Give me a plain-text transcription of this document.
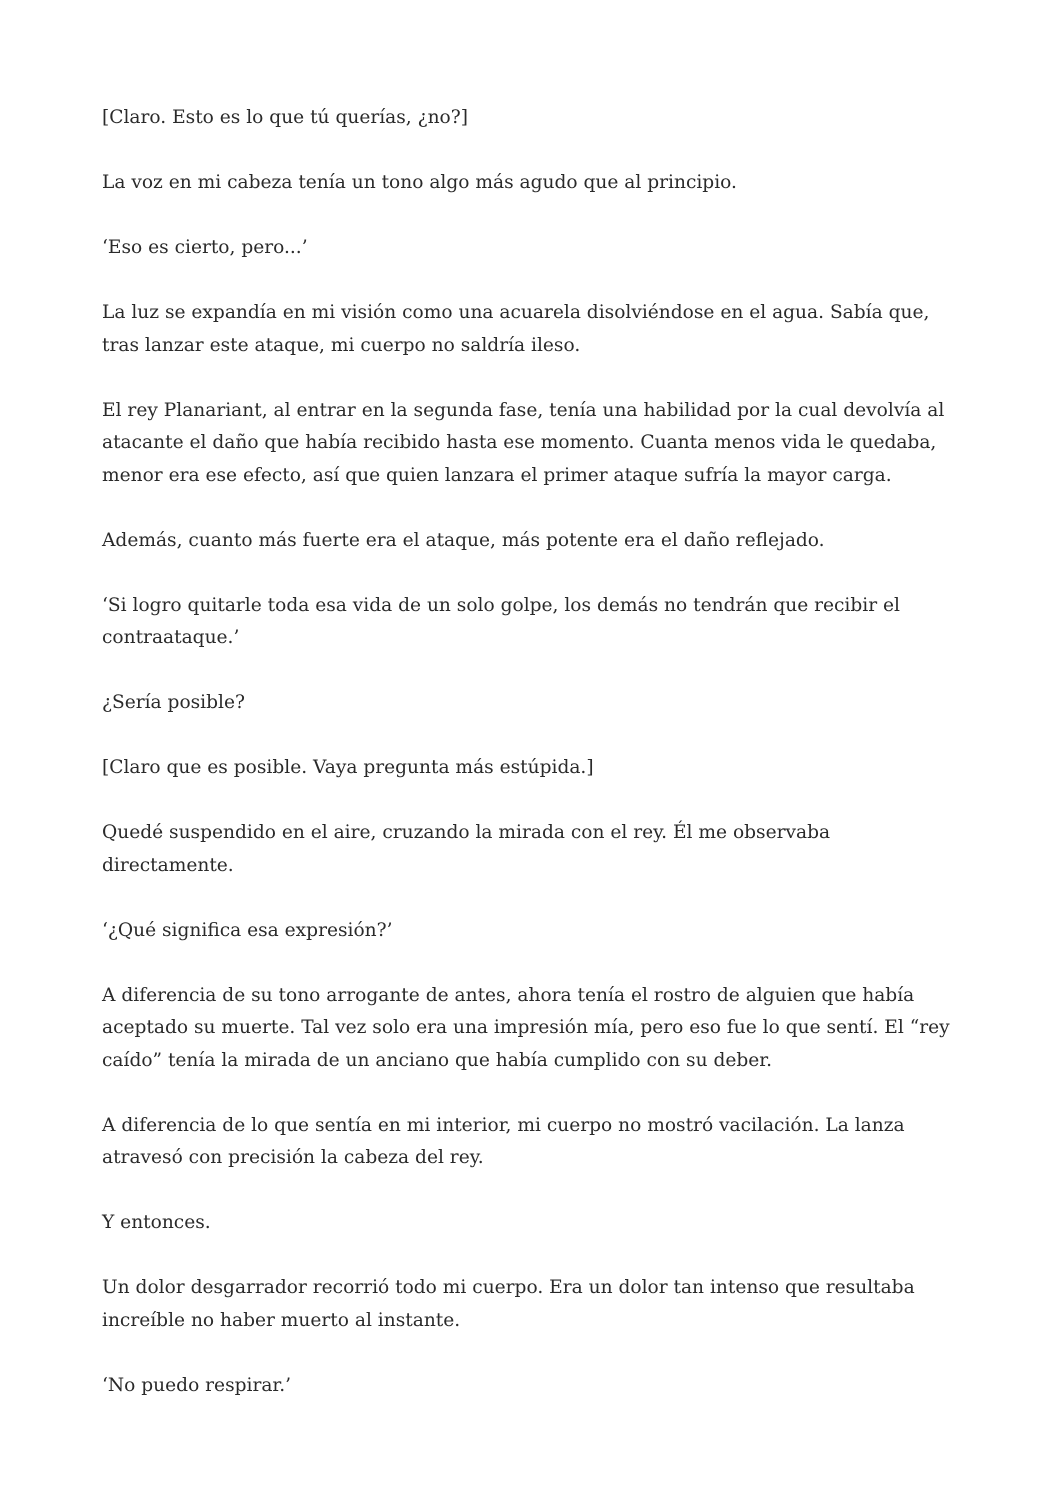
[Claro. Esto es lo que tú querías, ¿no?]

La voz en mi cabeza tenía un tono algo más agudo que al principio.

‘Eso es cierto, pero...’

La luz se expandía en mi visión como una acuarela disolviéndose en el agua. Sabía que, tras lanzar este ataque, mi cuerpo no saldría ileso.

El rey Planariant, al entrar en la segunda fase, tenía una habilidad por la cual devolvía al atacante el daño que había recibido hasta ese momento. Cuanta menos vida le quedaba, menor era ese efecto, así que quien lanzara el primer ataque sufría la mayor carga.

Además, cuanto más fuerte era el ataque, más potente era el daño reflejado.

‘Si logro quitarle toda esa vida de un solo golpe, los demás no tendrán que recibir el contraataque.’

¿Sería posible?

[Claro que es posible. Vaya pregunta más estúpida.]

Quedé suspendido en el aire, cruzando la mirada con el rey. Él me observaba directamente.

‘¿Qué significa esa expresión?’

A diferencia de su tono arrogante de antes, ahora tenía el rostro de alguien que había aceptado su muerte. Tal vez solo era una impresión mía, pero eso fue lo que sentí. El “rey caído” tenía la mirada de un anciano que había cumplido con su deber.

A diferencia de lo que sentía en mi interior, mi cuerpo no mostró vacilación. La lanza atravesó con precisión la cabeza del rey.

Y entonces.

Un dolor desgarrador recorrió todo mi cuerpo. Era un dolor tan intenso que resultaba increíble no haber muerto al instante.

‘No puedo respirar.’
